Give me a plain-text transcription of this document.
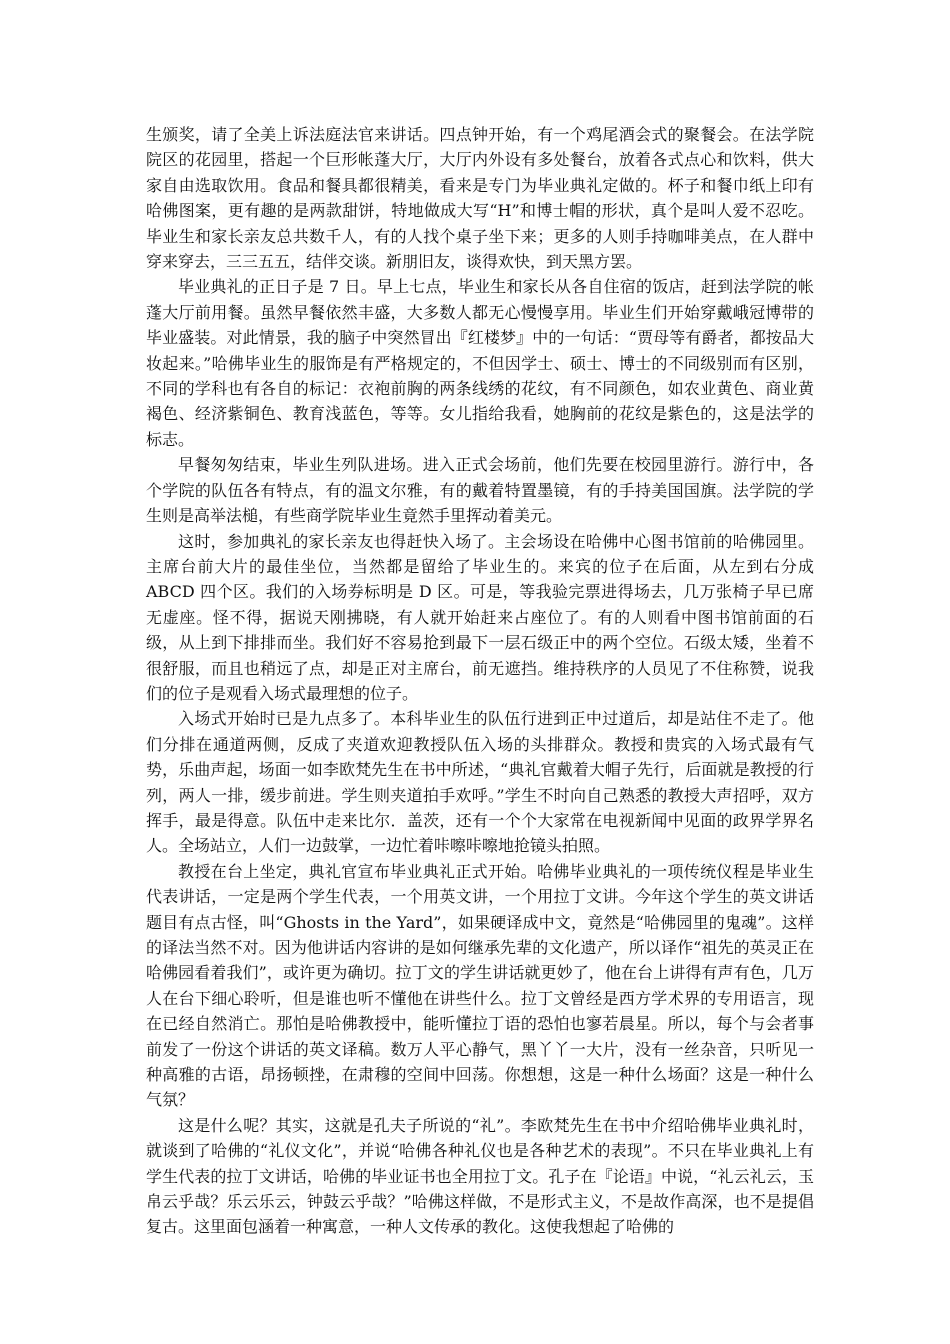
生颁奖，请了全美上诉法庭法官来讲话。四点钟开始，有一个鸡尾酒会式的聚餐会。在法学院院区的花园里，搭起一个巨形帐蓬大厅，大厅内外设有多处餐台，放着各式点心和饮料，供大家自由选取饮用。食品和餐具都很精美，看来是专门为毕业典礼定做的。杯子和餐巾纸上印有哈佛图案，更有趣的是两款甜饼，特地做成大写“H”和博士帽的形状，真个是叫人爱不忍吃。毕业生和家长亲友总共数千人，有的人找个桌子坐下来；更多的人则手持咖啡美点，在人群中穿来穿去，三三五五，结伴交谈。新朋旧友，谈得欢快，到天黑方罢。

毕业典礼的正日子是 7 日。早上七点，毕业生和家长从各自住宿的饭店，赶到法学院的帐蓬大厅前用餐。虽然早餐依然丰盛，大多数人都无心慢慢享用。毕业生们开始穿戴峨冠博带的毕业盛装。对此情景，我的脑子中突然冒出『红楼梦』中的一句话：“贾母等有爵者，都按品大妆起来。”哈佛毕业生的服饰是有严格规定的，不但因学士、硕士、博士的不同级别而有区别，不同的学科也有各自的标记：衣袍前胸的两条线绣的花纹，有不同颜色，如农业黄色、商业黄褐色、经济紫铜色、教育浅蓝色，等等。女儿指给我看，她胸前的花纹是紫色的，这是法学的标志。

早餐匆匆结束，毕业生列队进场。进入正式会场前，他们先要在校园里游行。游行中，各个学院的队伍各有特点，有的温文尔雅，有的戴着特置墨镜，有的手持美国国旗。法学院的学生则是高举法槌，有些商学院毕业生竟然手里挥动着美元。

这时，参加典礼的家长亲友也得赶快入场了。主会场设在哈佛中心图书馆前的哈佛园里。主席台前大片的最佳坐位，当然都是留给了毕业生的。来宾的位子在后面，从左到右分成 ABCD 四个区。我们的入场券标明是 D 区。可是，等我验完票进得场去，几万张椅子早已席无虚座。怪不得，据说天刚拂晓，有人就开始赶来占座位了。有的人则看中图书馆前面的石级，从上到下排排而坐。我们好不容易抢到最下一层石级正中的两个空位。石级太矮，坐着不很舒服，而且也稍远了点，却是正对主席台，前无遮挡。维持秩序的人员见了不住称赞，说我们的位子是观看入场式最理想的位子。

入场式开始时已是九点多了。本科毕业生的队伍行进到正中过道后，却是站住不走了。他们分排在通道两侧，反成了夹道欢迎教授队伍入场的头排群众。教授和贵宾的入场式最有气势，乐曲声起，场面一如李欧梵先生在书中所述，“典礼官戴着大帽子先行，后面就是教授的行列，两人一排，缓步前进。学生则夹道拍手欢呼。”学生不时向自己熟悉的教授大声招呼，双方挥手，最是得意。队伍中走来比尔．盖茨，还有一个个大家常在电视新闻中见面的政界学界名人。全场站立，人们一边鼓掌，一边忙着咔嚓咔嚓地抢镜头拍照。

教授在台上坐定，典礼官宣布毕业典礼正式开始。哈佛毕业典礼的一项传统仪程是毕业生代表讲话，一定是两个学生代表，一个用英文讲，一个用拉丁文讲。今年这个学生的英文讲话题目有点古怪，叫“Ghosts in the Yard”，如果硬译成中文，竟然是“哈佛园里的鬼魂”。这样的译法当然不对。因为他讲话内容讲的是如何继承先辈的文化遗产，所以译作“祖先的英灵正在哈佛园看着我们”，或许更为确切。拉丁文的学生讲话就更妙了，他在台上讲得有声有色，几万人在台下细心聆听，但是谁也听不懂他在讲些什么。拉丁文曾经是西方学术界的专用语言，现在已经自然消亡。那怕是哈佛教授中，能听懂拉丁语的恐怕也寥若晨星。所以，每个与会者事前发了一份这个讲话的英文译稿。数万人平心静气，黑丫丫一大片，没有一丝杂音，只听见一种高雅的古语，昂扬顿挫，在肃穆的空间中回荡。你想想，这是一种什么场面？这是一种什么气氛？

这是什么呢？其实，这就是孔夫子所说的“礼”。李欧梵先生在书中介绍哈佛毕业典礼时，就谈到了哈佛的“礼仪文化”，并说“哈佛各种礼仪也是各种艺术的表现”。不只在毕业典礼上有学生代表的拉丁文讲话，哈佛的毕业证书也全用拉丁文。孔子在『论语』中说，“礼云礼云，玉帛云乎哉？乐云乐云，钟鼓云乎哉？”哈佛这样做，不是形式主义，不是故作高深，也不是提倡复古。这里面包涵着一种寓意，一种人文传承的教化。这使我想起了哈佛的
